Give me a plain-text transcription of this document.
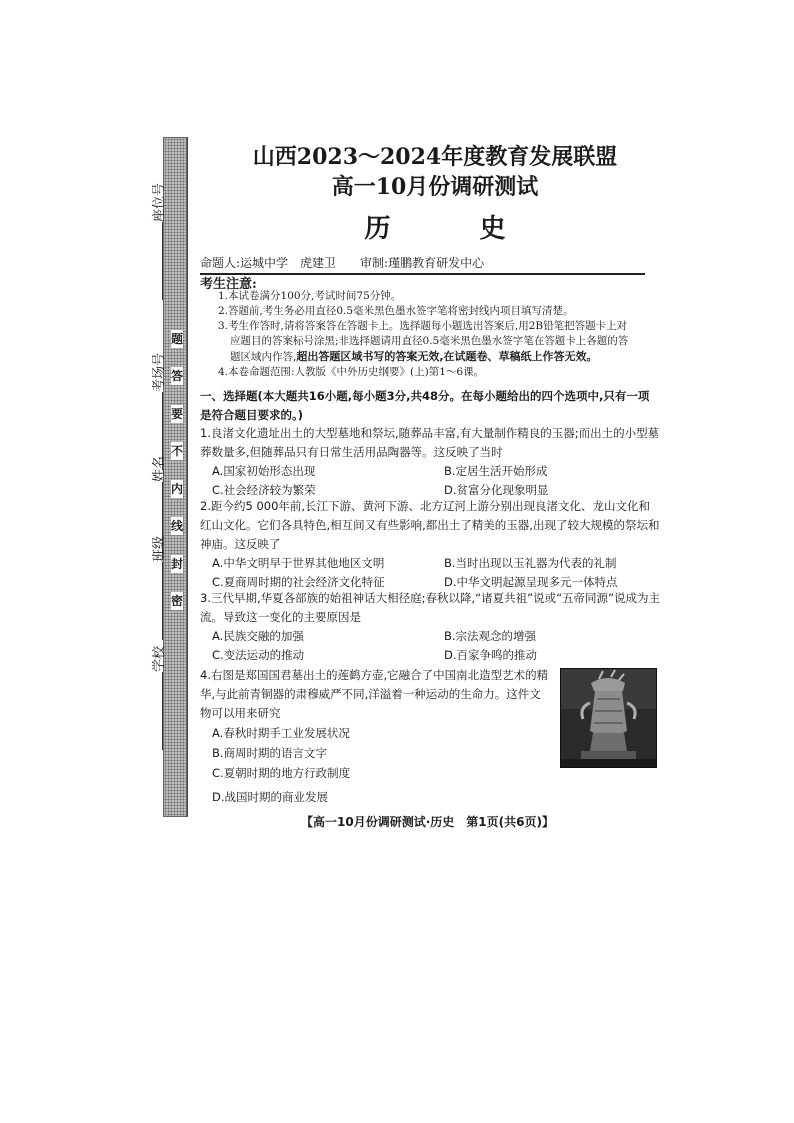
题
答
要
不
内
线
封
密
座位号
考场号
姓名
班级
学校
山西2023～2024年度教育发展联盟
高一10月份调研测试
历 史
命题人:运城中学　虎建卫　　审制:瑾鹏教育研发中心
考生注意:

1.本试卷满分100分,考试时间75分钟。

2.答题前,考生务必用直径0.5毫米黑色墨水签字笔将密封线内项目填写清楚。

3.考生作答时,请将答案答在答题卡上。选择题每小题选出答案后,用2B铅笔把答题卡上对

应题目的答案标号涂黑;非选择题请用直径0.5毫米黑色墨水签字笔在答题卡上各题的答

题区域内作答,超出答题区域书写的答案无效,在试题卷、草稿纸上作答无效。

4.本卷命题范围:人教版《中外历史纲要》(上)第1～6课。

一、选择题(本大题共16小题,每小题3分,共48分。在每小题给出的四个选项中,只有一项是符合题目要求的。)

1.良渚文化遗址出土的大型墓地和祭坛,随葬品丰富,有大量制作精良的玉器;而出土的小型墓葬数量多,但随葬品只有日常生活用品陶器等。这反映了当时

A.国家初始形态出现	B.定居生活开始形成
C.社会经济较为繁荣	D.贫富分化现象明显

2.距今约5 000年前,长江下游、黄河下游、北方辽河上游分别出现良渚文化、龙山文化和红山文化。它们各具特色,相互间又有些影响,都出土了精美的玉器,出现了较大规模的祭坛和神庙。这反映了

A.中华文明早于世界其他地区文明	B.当时出现以玉礼器为代表的礼制
C.夏商周时期的社会经济文化特征	D.中华文明起源呈现多元一体特点

3.三代早期,华夏各部族的始祖神话大相径庭;春秋以降,“诸夏共祖”说或“五帝同源”说成为主流。导致这一变化的主要原因是

A.民族交融的加强	B.宗法观念的增强
C.变法运动的推动	D.百家争鸣的推动

4.右图是郑国国君墓出土的莲鹤方壶,它融合了中国南北造型艺术的精华,与此前青铜器的肃穆威严不同,洋溢着一种运动的生命力。这件文物可以用来研究

A.春秋时期手工业发展状况
B.商周时期的语言文字
C.夏朝时期的地方行政制度
D.战国时期的商业发展
【高一10月份调研测试·历史　第1页(共6页)】
